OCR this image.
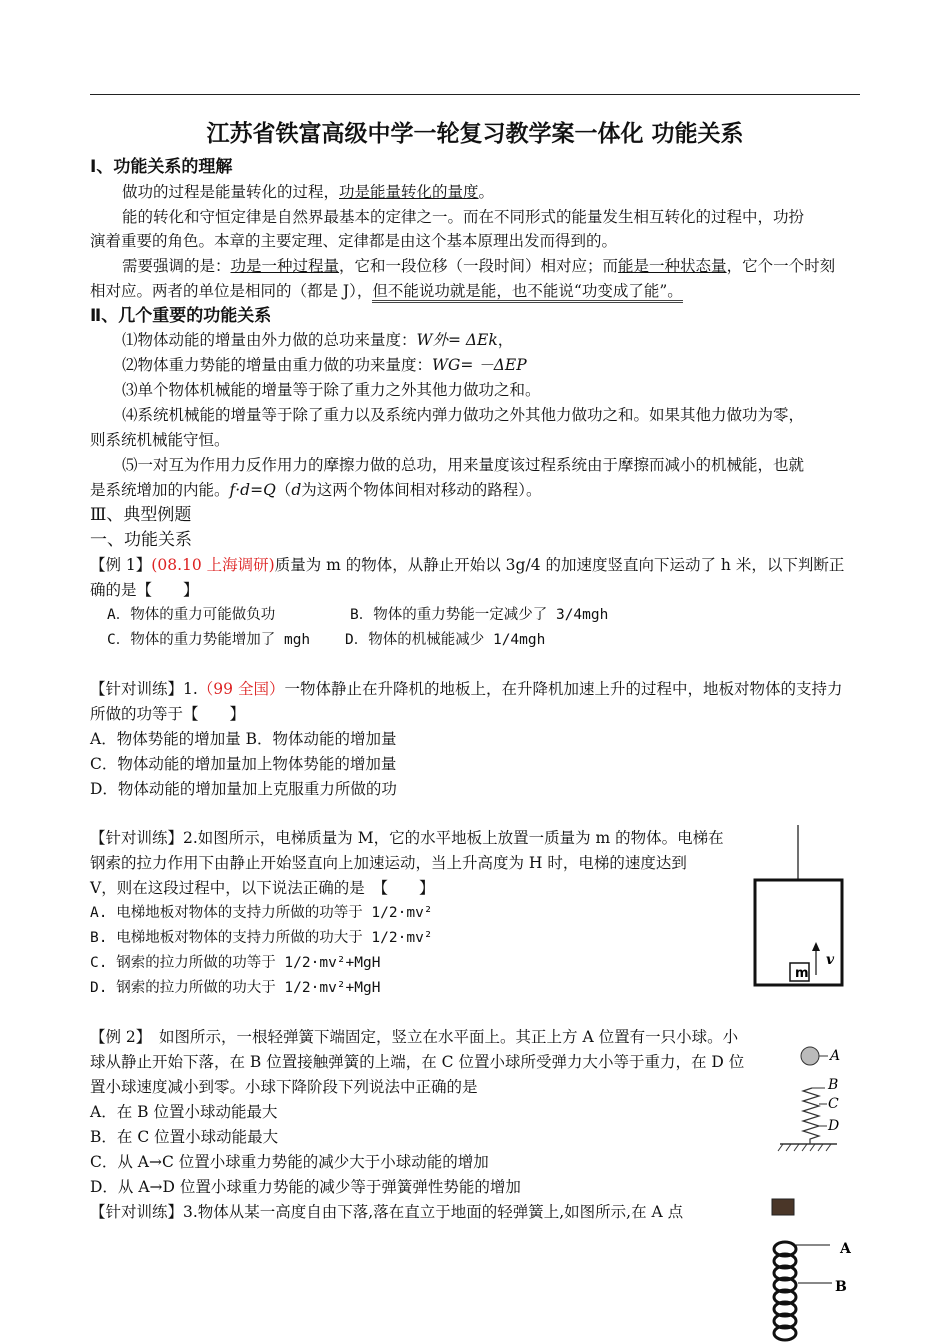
江苏省铁富高级中学一轮复习教学案一体化 功能关系
Ⅰ、功能关系的理解
做功的过程是能量转化的过程，功是能量转化的量度。
能的转化和守恒定律是自然界最基本的定律之一。而在不同形式的能量发生相互转化的过程中，功扮
演着重要的角色。本章的主要定理、定律都是由这个基本原理出发而得到的。
需要强调的是：功是一种过程量，它和一段位移（一段时间）相对应；而能是一种状态量，它个一个时刻
相对应。两者的单位是相同的（都是 J），但不能说功就是能，也不能说“功变成了能”。
Ⅱ、几个重要的功能关系
⑴物体动能的增量由外力做的总功来量度：W外= ΔEk，
⑵物体重力势能的增量由重力做的功来量度：WG= －ΔEP
⑶单个物体机械能的增量等于除了重力之外其他力做功之和。
⑷系统机械能的增量等于除了重力以及系统内弹力做功之外其他力做功之和。如果其他力做功为零，
则系统机械能守恒。
⑸一对互为作用力反作用力的摩擦力做的总功，用来量度该过程系统由于摩擦而减小的机械能，也就
是系统增加的内能。f·d=Q（d为这两个物体间相对移动的路程）。
Ⅲ、典型例题
一、功能关系
【例 1】(08.10 上海调研)质量为 m 的物体，从静止开始以 3g/4 的加速度竖直向下运动了 h 米，以下判断正
确的是【　　】
A．物体的重力可能做负功	B．物体的重力势能一定减少了 3/4mgh
C．物体的重力势能增加了 mgh	D．物体的机械能减少 1/4mgh
【针对训练】1.（99 全国）一物体静止在升降机的地板上，在升降机加速上升的过程中，地板对物体的支持力
所做的功等于【　　】
A．物体势能的增加量 B．物体动能的增加量
C．物体动能的增加量加上物体势能的增加量
D．物体动能的增加量加上克服重力所做的功
【针对训练】2.如图所示，电梯质量为 M，它的水平地板上放置一质量为 m 的物体。电梯在
钢索的拉力作用下由静止开始竖直向上加速运动，当上升高度为 H 时，电梯的速度达到
V，则在这段过程中，以下说法正确的是　【　　】
A. 电梯地板对物体的支持力所做的功等于 1/2·mv²
B. 电梯地板对物体的支持力所做的功大于 1/2·mv²
C. 钢索的拉力所做的功等于 1/2·mv²+MgH
D. 钢索的拉力所做的功大于 1/2·mv²+MgH
m
v
【例 2】　如图所示，一根轻弹簧下端固定，竖立在水平面上。其正上方 A 位置有一只小球。小
球从静止开始下落，在 B 位置接触弹簧的上端，在 C 位置小球所受弹力大小等于重力，在 D 位
置小球速度减小到零。小球下降阶段下列说法中正确的是
A．在 B 位置小球动能最大
B．在 C 位置小球动能最大
C．从 A→C 位置小球重力势能的减少大于小球动能的增加
D．从 A→D 位置小球重力势能的减少等于弹簧弹性势能的增加
A
B
C
D
【针对训练】3.物体从某一高度自由下落,落在直立于地面的轻弹簧上,如图所示,在 A 点
A
B
